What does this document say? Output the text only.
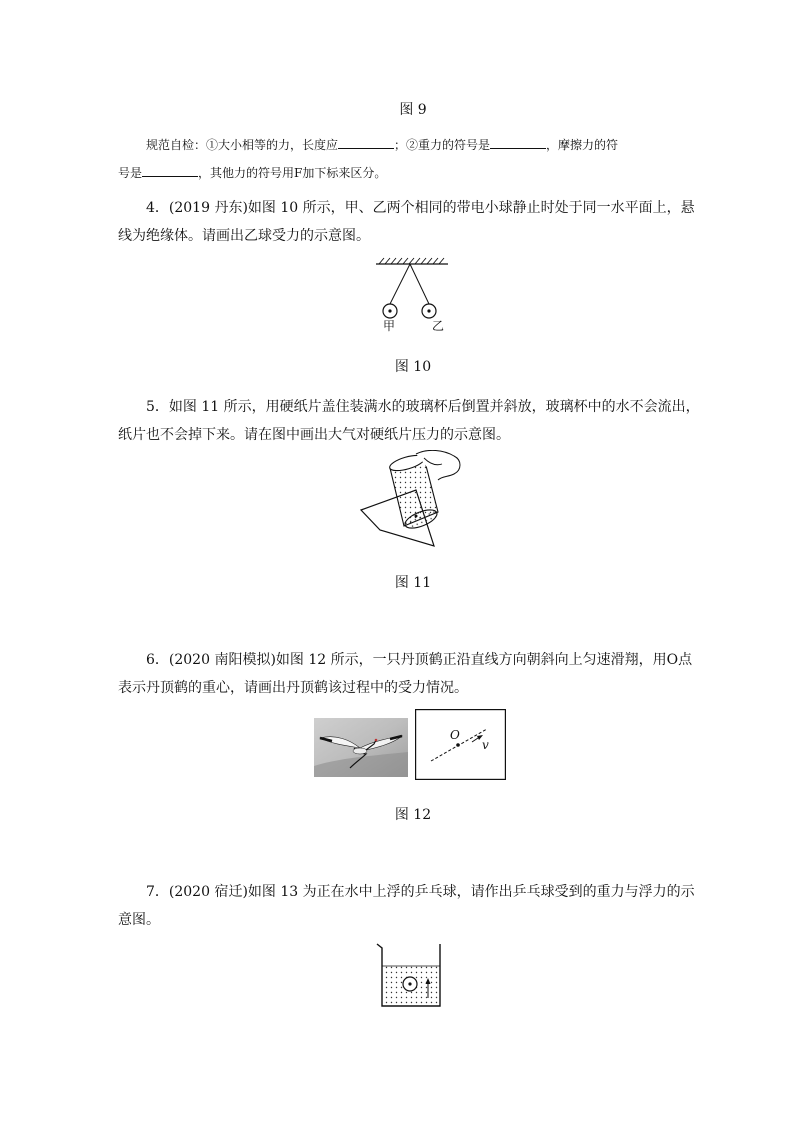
图 9
规范自检：①大小相等的力，长度应	；②重力的符号是	，摩擦力的符
号是	，其他力的符号用F加下标来区分。
4．(2019 丹东)如图 10 所示，甲、乙两个相同的带电小球静止时处于同一水平面上，悬
线为绝缘体。请画出乙球受力的示意图。
甲	乙
图 10
5．如图 11 所示，用硬纸片盖住装满水的玻璃杯后倒置并斜放，玻璃杯中的水不会流出，
纸片也不会掉下来。请在图中画出大气对硬纸片压力的示意图。
图 11
6．(2020 南阳模拟)如图 12 所示，一只丹顶鹤正沿直线方向朝斜向上匀速滑翔，用O点
表示丹顶鹤的重心，请画出丹顶鹤该过程中的受力情况。
O
v
图 12
7．(2020 宿迁)如图 13 为正在水中上浮的乒乓球，请作出乒乓球受到的重力与浮力的示
意图。
